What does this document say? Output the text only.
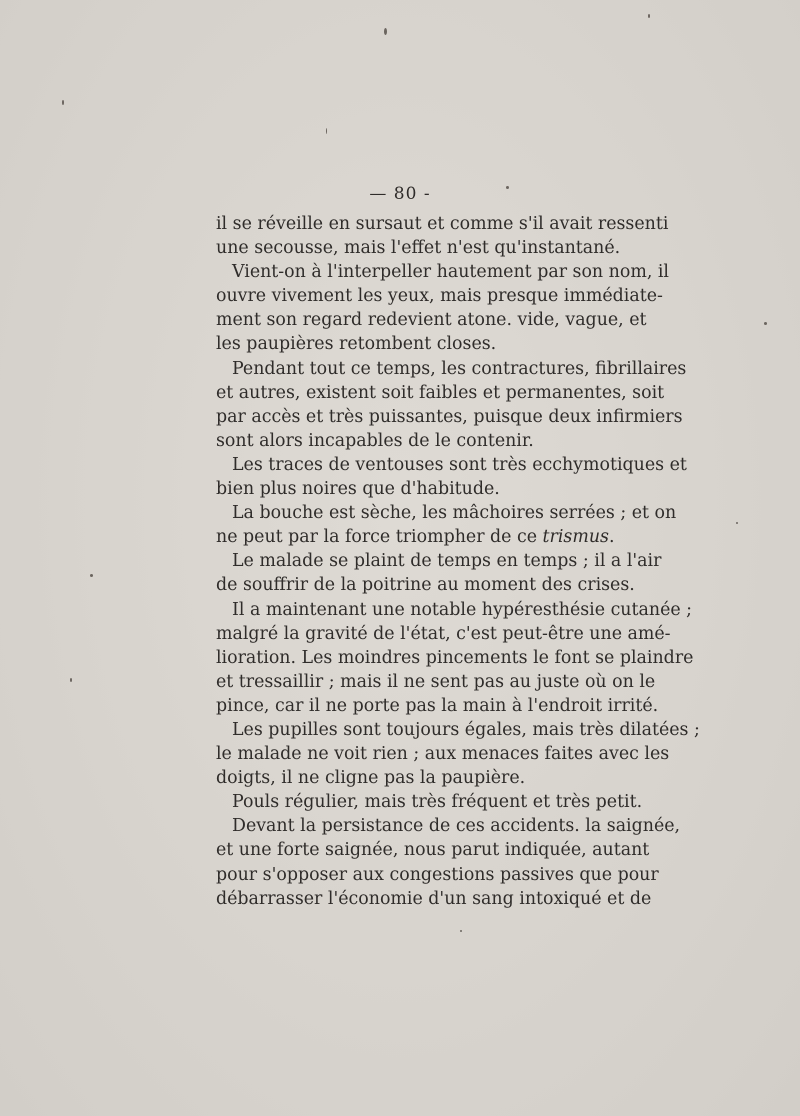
— 80 -
il se réveille en sursaut et comme s'il avait ressenti
une secousse, mais l'effet n'est qu'instantané.
Vient-on à l'interpeller hautement par son nom, il
ouvre vivement les yeux, mais presque immédiate-
ment son regard redevient atone. vide, vague, et
les paupières retombent closes.
Pendant tout ce temps, les contractures, fibrillaires
et autres, existent soit faibles et permanentes, soit
par accès et très puissantes, puisque deux infirmiers
sont alors incapables de le contenir.
Les traces de ventouses sont très ecchymotiques et
bien plus noires que d'habitude.
La bouche est sèche, les mâchoires serrées ; et on
ne peut par la force triompher de ce trismus.
Le malade se plaint de temps en temps ; il a l'air
de souffrir de la poitrine au moment des crises.
Il a maintenant une notable hypéresthésie cutanée ;
malgré la gravité de l'état, c'est peut-être une amé-
lioration. Les moindres pincements le font se plaindre
et tressaillir ; mais il ne sent pas au juste où on le
pince, car il ne porte pas la main à l'endroit irrité.
Les pupilles sont toujours égales, mais très dilatées ;
le malade ne voit rien ; aux menaces faites avec les
doigts, il ne cligne pas la paupière.
Pouls régulier, mais très fréquent et très petit.
Devant la persistance de ces accidents. la saignée,
et une forte saignée, nous parut indiquée, autant
pour s'opposer aux congestions passives que pour
débarrasser l'économie d'un sang intoxiqué et de
